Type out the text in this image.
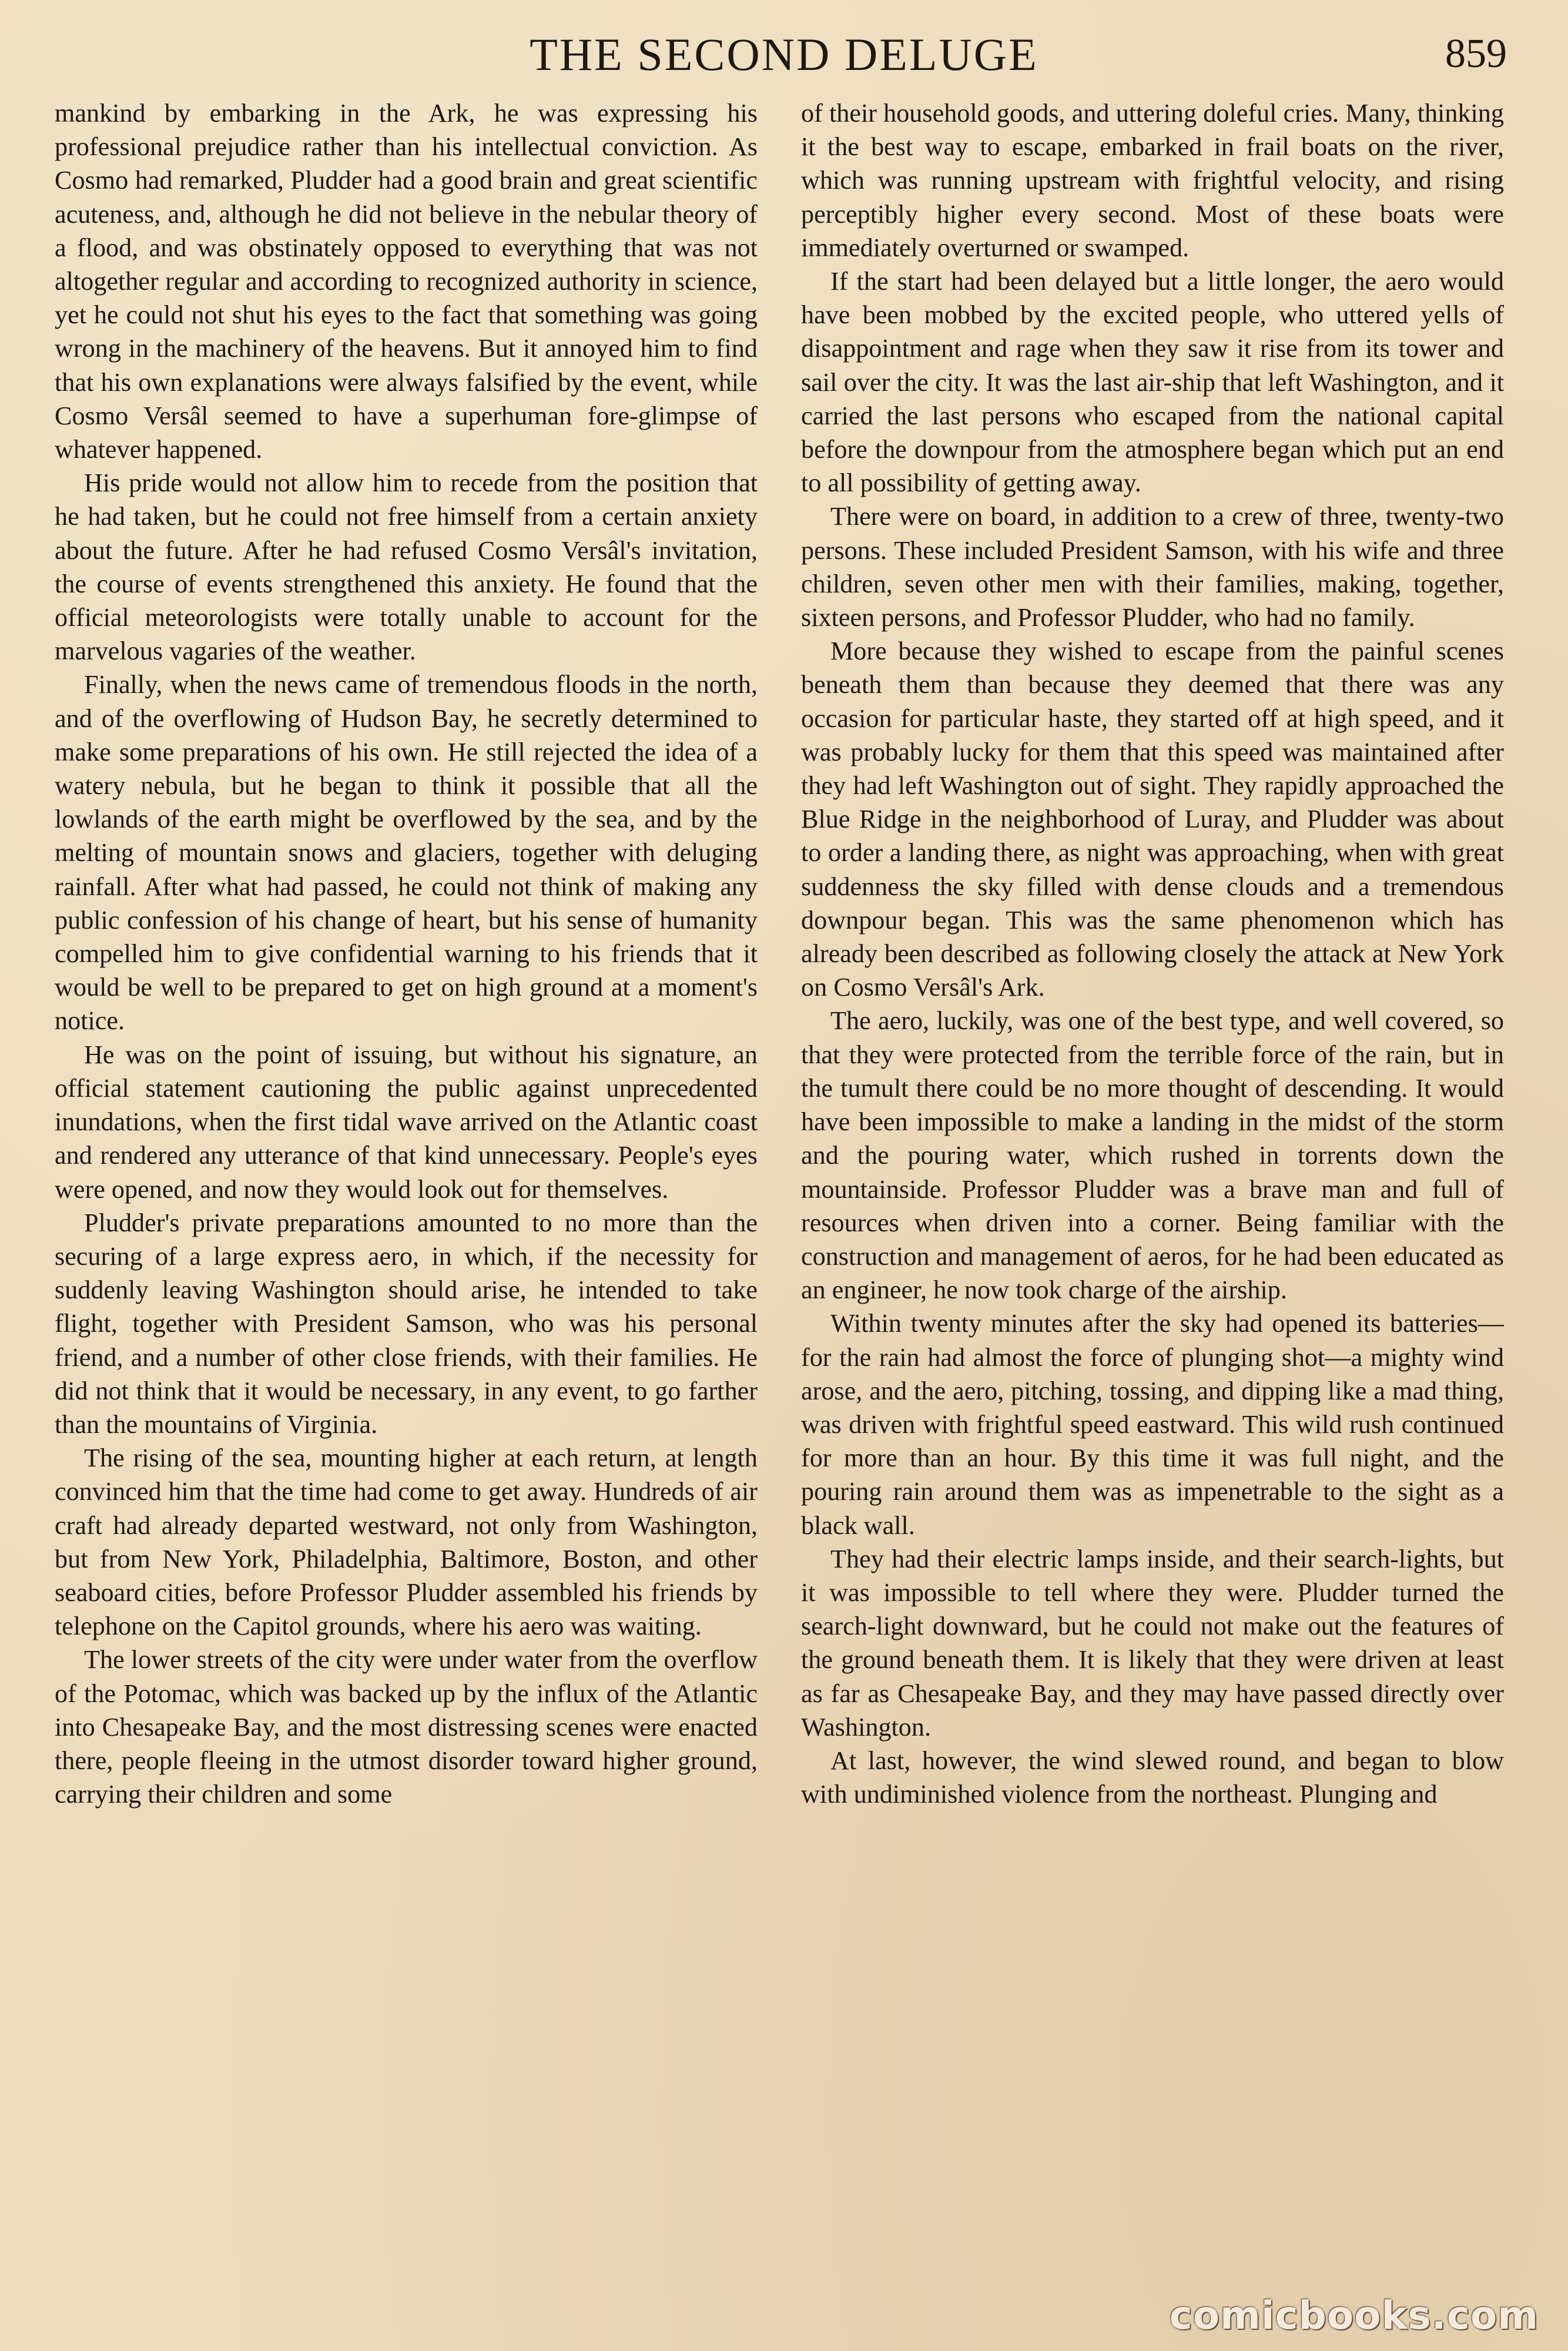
THE SECOND DELUGE	859

mankind by embarking in the Ark, he was expressing his professional prejudice rather than his intellectual conviction. As Cosmo had remarked, Pludder had a good brain and great scientific acuteness, and, although he did not believe in the nebular theory of a flood, and was obstinately opposed to everything that was not altogether regular and according to recognized authority in science, yet he could not shut his eyes to the fact that something was going wrong in the machinery of the heavens. But it annoyed him to find that his own explanations were always falsified by the event, while Cosmo Versâl seemed to have a superhuman fore-glimpse of whatever happened.

His pride would not allow him to recede from the position that he had taken, but he could not free himself from a certain anxiety about the future. After he had refused Cosmo Versâl's invitation, the course of events strengthened this anxiety. He found that the official meteorologists were totally unable to account for the marvelous vagaries of the weather.

Finally, when the news came of tremendous floods in the north, and of the overflowing of Hudson Bay, he secretly determined to make some preparations of his own. He still rejected the idea of a watery nebula, but he began to think it possible that all the lowlands of the earth might be overflowed by the sea, and by the melting of mountain snows and glaciers, together with deluging rainfall. After what had passed, he could not think of making any public confession of his change of heart, but his sense of humanity compelled him to give confidential warning to his friends that it would be well to be prepared to get on high ground at a moment's notice.

He was on the point of issuing, but without his signature, an official statement cautioning the public against unprecedented inundations, when the first tidal wave arrived on the Atlantic coast and rendered any utterance of that kind unnecessary. People's eyes were opened, and now they would look out for themselves.

Pludder's private preparations amounted to no more than the securing of a large express aero, in which, if the necessity for suddenly leaving Washington should arise, he intended to take flight, together with President Samson, who was his personal friend, and a number of other close friends, with their families. He did not think that it would be necessary, in any event, to go farther than the mountains of Virginia.

The rising of the sea, mounting higher at each return, at length convinced him that the time had come to get away. Hundreds of air craft had already departed westward, not only from Washington, but from New York, Philadelphia, Baltimore, Boston, and other seaboard cities, before Professor Pludder assembled his friends by telephone on the Capitol grounds, where his aero was waiting.

The lower streets of the city were under water from the overflow of the Potomac, which was backed up by the influx of the Atlantic into Chesapeake Bay, and the most distressing scenes were enacted there, people fleeing in the utmost disorder toward higher ground, carrying their children and some

of their household goods, and uttering doleful cries. Many, thinking it the best way to escape, embarked in frail boats on the river, which was running upstream with frightful velocity, and rising perceptibly higher every second. Most of these boats were immediately overturned or swamped.

If the start had been delayed but a little longer, the aero would have been mobbed by the excited people, who uttered yells of disappointment and rage when they saw it rise from its tower and sail over the city. It was the last air-ship that left Washington, and it carried the last persons who escaped from the national capital before the downpour from the atmosphere began which put an end to all possibility of getting away.

There were on board, in addition to a crew of three, twenty-two persons. These included President Samson, with his wife and three children, seven other men with their families, making, together, sixteen persons, and Professor Pludder, who had no family.

More because they wished to escape from the painful scenes beneath them than because they deemed that there was any occasion for particular haste, they started off at high speed, and it was probably lucky for them that this speed was maintained after they had left Washington out of sight. They rapidly approached the Blue Ridge in the neighborhood of Luray, and Pludder was about to order a landing there, as night was approaching, when with great suddenness the sky filled with dense clouds and a tremendous downpour began. This was the same phenomenon which has already been described as following closely the attack at New York on Cosmo Versâl's Ark.

The aero, luckily, was one of the best type, and well covered, so that they were protected from the terrible force of the rain, but in the tumult there could be no more thought of descending. It would have been impossible to make a landing in the midst of the storm and the pouring water, which rushed in torrents down the mountainside. Professor Pludder was a brave man and full of resources when driven into a corner. Being familiar with the construction and management of aeros, for he had been educated as an engineer, he now took charge of the airship.

Within twenty minutes after the sky had opened its batteries—for the rain had almost the force of plunging shot—a mighty wind arose, and the aero, pitching, tossing, and dipping like a mad thing, was driven with frightful speed eastward. This wild rush continued for more than an hour. By this time it was full night, and the pouring rain around them was as impenetrable to the sight as a black wall.

They had their electric lamps inside, and their search-lights, but it was impossible to tell where they were. Pludder turned the search-light downward, but he could not make out the features of the ground beneath them. It is likely that they were driven at least as far as Chesapeake Bay, and they may have passed directly over Washington.

At last, however, the wind slewed round, and began to blow with undiminished violence from the northeast. Plunging and

comicbooks.com
